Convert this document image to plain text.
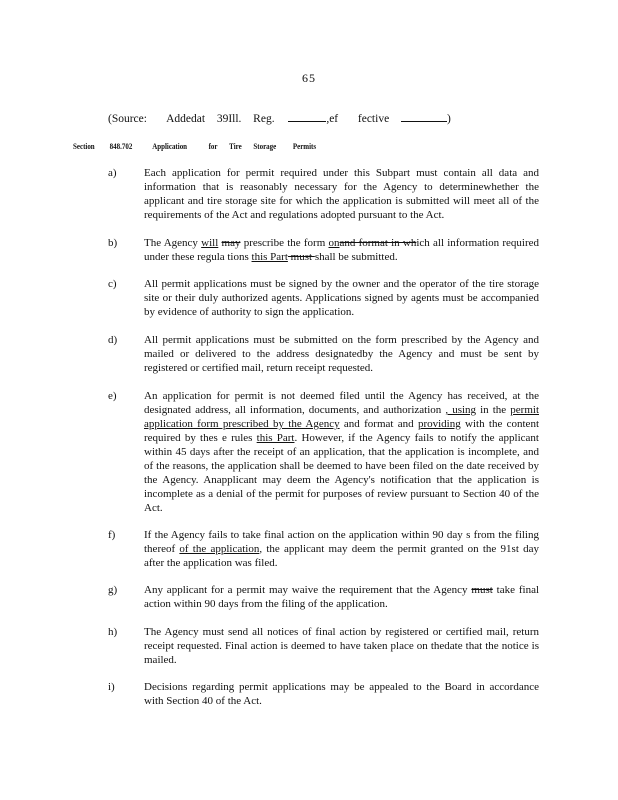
65
(Source: Addedat 39Ill. Reg.	,ef fective	)
Section 848.702 Application	for Tire Storage Permits
a) Each application for permit required under this Subpart must contain all data and information that is reasonably necessary for the Agency to determinewhether the applicant and tire storage site for which the application is submitted will meet all of the requirements of the Act and regulations adopted pursuant to the Act.
b) The Agency will may prescribe the form onand format in which all information required under these regula tions this Part must shall be submitted.
c) All permit applications must be signed by the owner and the operator of the tire storage site or their duly authorized agents. Applications signed by agents must be accompanied by evidence of authority to sign the application.
d) All permit applications must be submitted on the form prescribed by the Agency and mailed or delivered to the address designatedby the Agency and must be sent by registered or certified mail, return receipt requested.
e) An application for permit is not deemed filed until the Agency has received, at the designated address, all information, documents, and authorization , using in the permit application form prescribed by the Agency and format and providing with the content required by thes e rules this Part. However, if the Agency fails to notify the applicant within 45 days after the receipt of an application, that the application is incomplete, and of the reasons, the application shall be deemed to have been filed on the date received by the Agency. Anapplicant may deem the Agency's notification that the application is incomplete as a denial of the permit for purposes of review pursuant to Section 40 of the Act.
f)	If the Agency fails to take final action on the application within 90 day s from the filing thereof of the application, the applicant may deem the permit granted on the 91st day after the application was filed.
g) Any applicant for a permit may waive the requirement that the Agency must take final action within 90 days from the filing of the application.
h) The Agency must send all notices of final action by registered or certified mail, return receipt requested. Final action is deemed to have taken place on thedate that the notice is mailed.
i)	Decisions regarding permit applications may be appealed to the Board in accordance with Section 40 of the Act.
